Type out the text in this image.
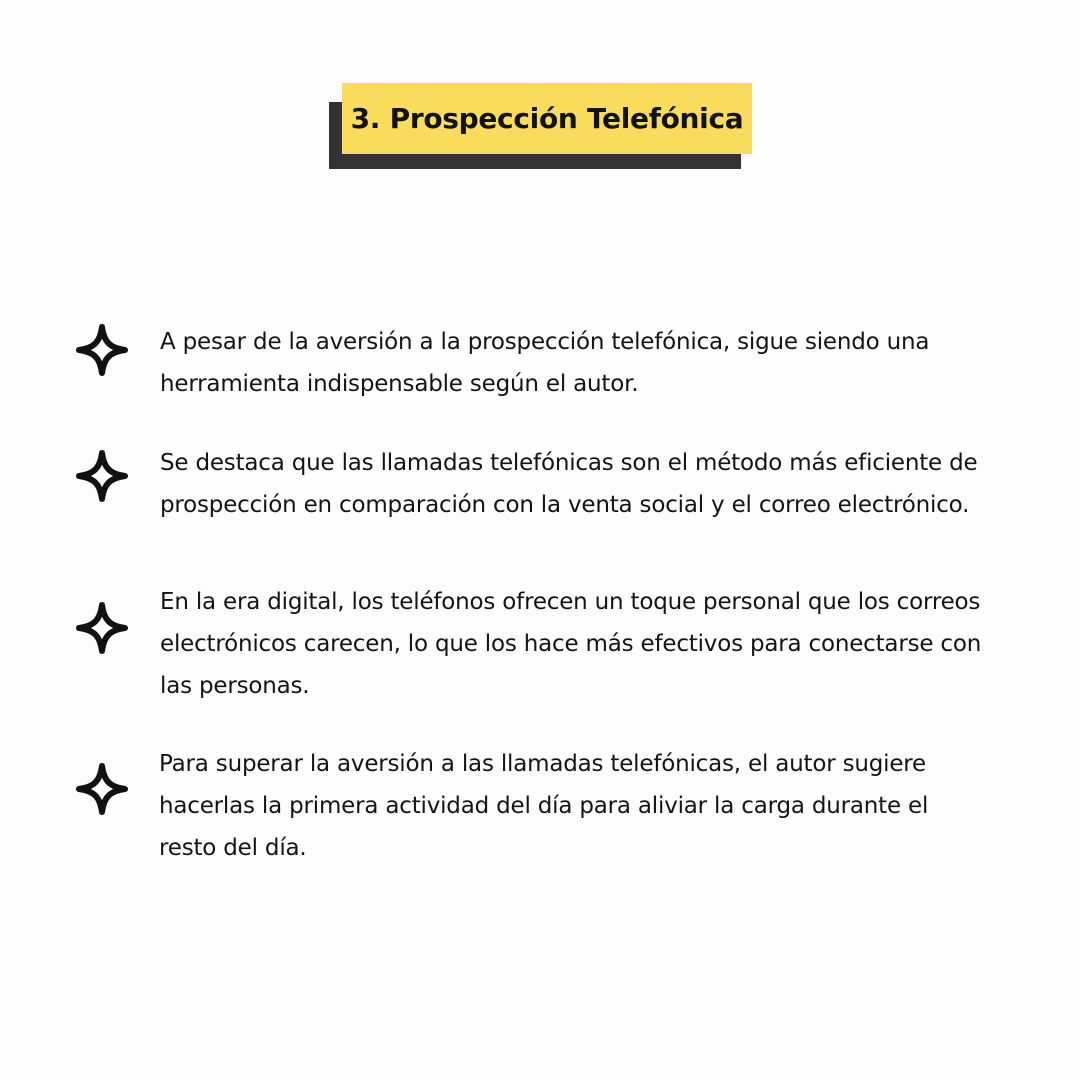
3. Prospección Telefónica

A pesar de la aversión a la prospección telefónica, sigue siendo una herramienta indispensable según el autor.

Se destaca que las llamadas telefónicas son el método más eficiente de prospección en comparación con la venta social y el correo electrónico.

En la era digital, los teléfonos ofrecen un toque personal que los correos electrónicos carecen, lo que los hace más efectivos para conectarse con las personas.

Para superar la aversión a las llamadas telefónicas, el autor sugiere hacerlas la primera actividad del día para aliviar la carga durante el resto del día.
